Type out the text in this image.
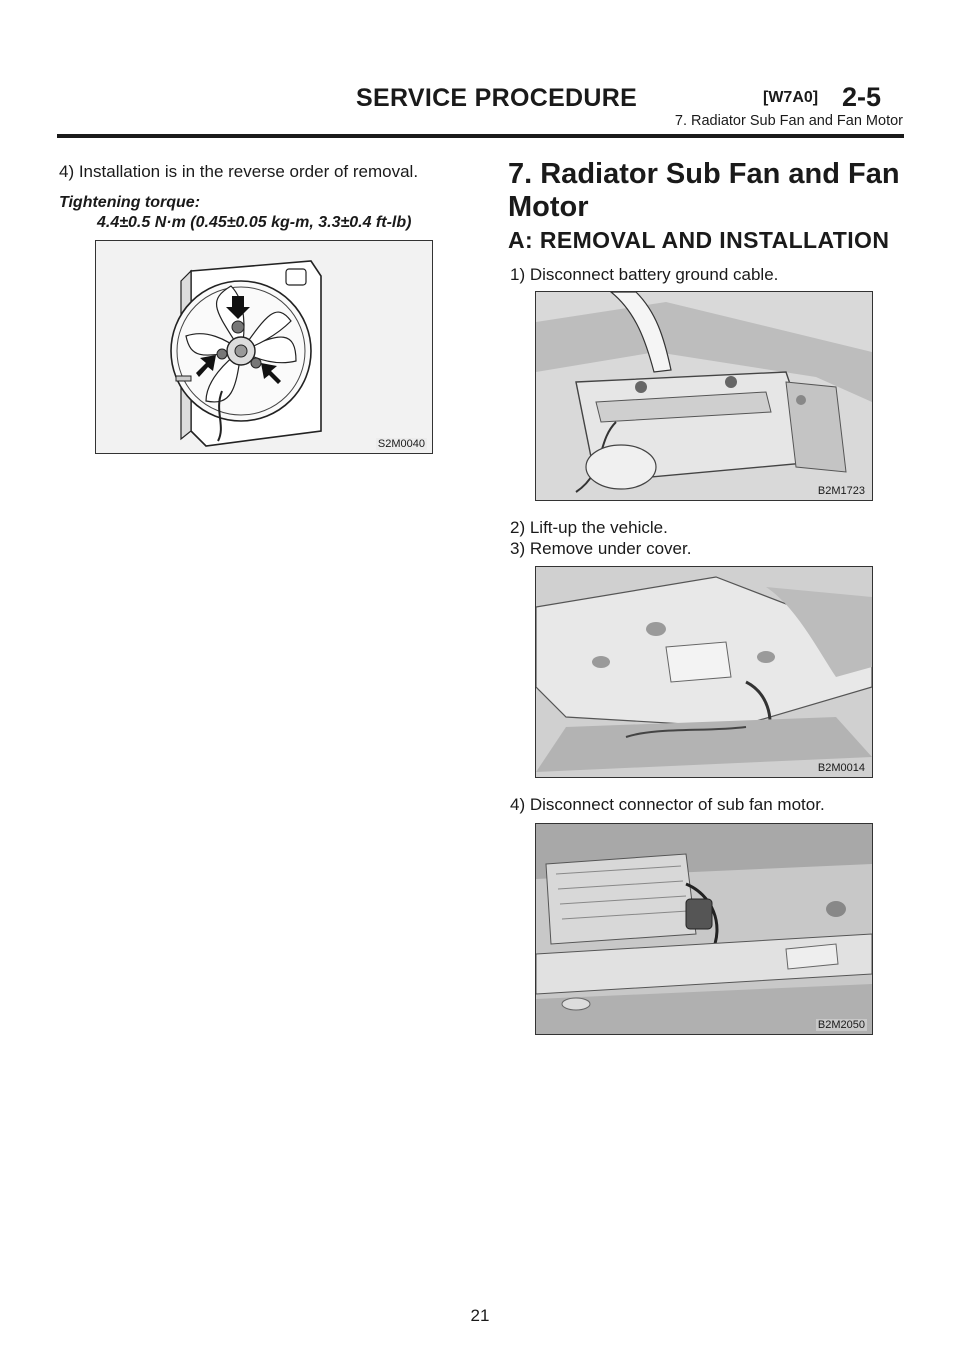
SERVICE PROCEDURE	[W7A0] 2-5
7. Radiator Sub Fan and Fan Motor
4) Installation is in the reverse order of removal.
Tightening torque:
4.4±0.5 N·m (0.45±0.05 kg-m, 3.3±0.4 ft-lb)
S2M0040
7. Radiator Sub Fan and Fan Motor
A: REMOVAL AND INSTALLATION
1) Disconnect battery ground cable.
B2M1723
2) Lift-up the vehicle.
3) Remove under cover.
B2M0014
4) Disconnect connector of sub fan motor.
B2M2050
21
